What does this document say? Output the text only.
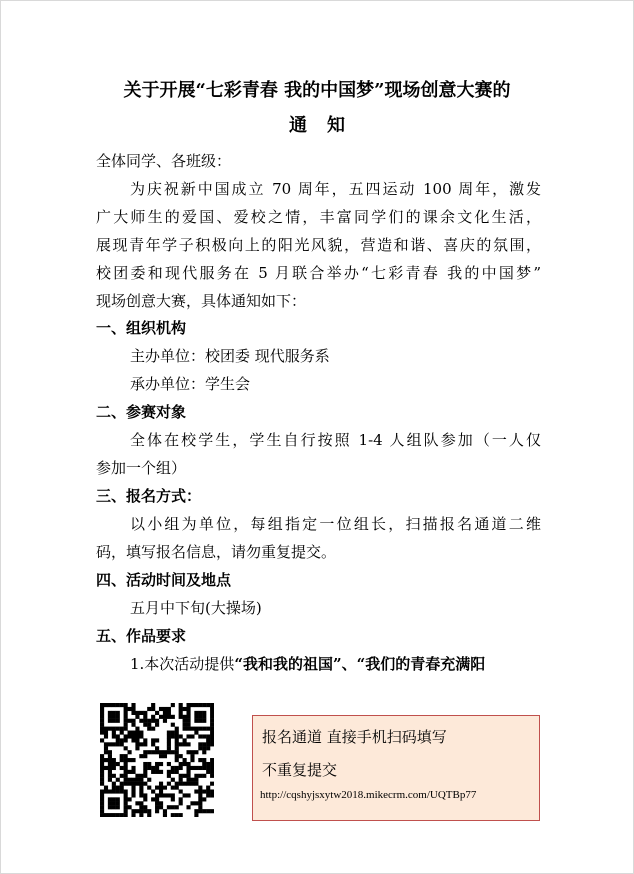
关于开展“七彩青春 我的中国梦”现场创意大赛的
通知
全体同学、各班级：
为庆祝新中国成立 70 周年，五四运动 100 周年，激发
广大师生的爱国、爱校之情，丰富同学们的课余文化生活，
展现青年学子积极向上的阳光风貌，营造和谐、喜庆的氛围，
校团委和现代服务在 5 月联合举办“七彩青春 我的中国梦”
现场创意大赛，具体通知如下：
一、组织机构
主办单位：校团委 现代服务系
承办单位：学生会
二、参赛对象
全体在校学生，学生自行按照 1-4 人组队参加（一人仅
参加一个组）
三、报名方式：
以小组为单位，每组指定一位组长，扫描报名通道二维
码，填写报名信息，请勿重复提交。
四、活动时间及地点
五月中下旬(大操场)
五、作品要求
1.本次活动提供“我和我的祖国”、“我们的青春充满阳
报名通道 直接手机扫码填写
不重复提交
http://cqshyjsxytw2018.mikecrm.com/UQTBp77
